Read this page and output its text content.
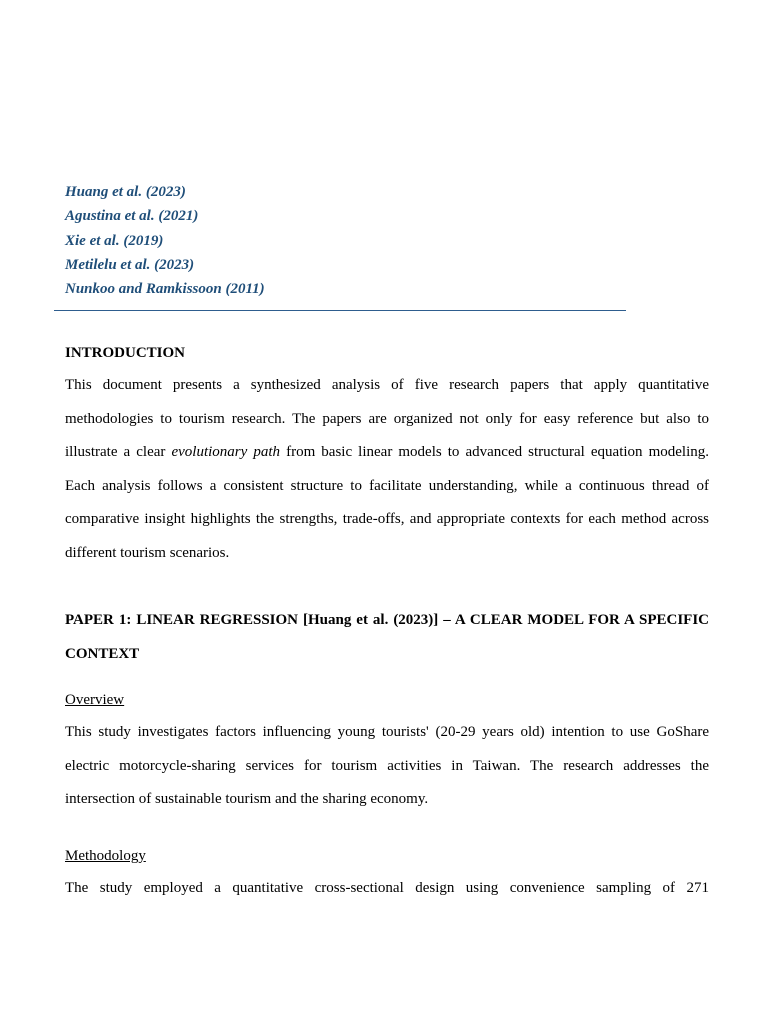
Huang et al. (2023)
Agustina et al. (2021)
Xie et al. (2019)
Metilelu et al. (2023)
Nunkoo and Ramkissoon (2011)
INTRODUCTION
This document presents a synthesized analysis of five research papers that apply quantitative methodologies to tourism research. The papers are organized not only for easy reference but also to illustrate a clear evolutionary path from basic linear models to advanced structural equation modeling. Each analysis follows a consistent structure to facilitate understanding, while a continuous thread of comparative insight highlights the strengths, trade-offs, and appropriate contexts for each method across different tourism scenarios.
PAPER 1: LINEAR REGRESSION [Huang et al. (2023)] – A CLEAR MODEL FOR A SPECIFIC CONTEXT
Overview
This study investigates factors influencing young tourists' (20-29 years old) intention to use GoShare electric motorcycle-sharing services for tourism activities in Taiwan. The research addresses the intersection of sustainable tourism and the sharing economy.
Methodology
The study employed a quantitative cross-sectional design using convenience sampling of 271
